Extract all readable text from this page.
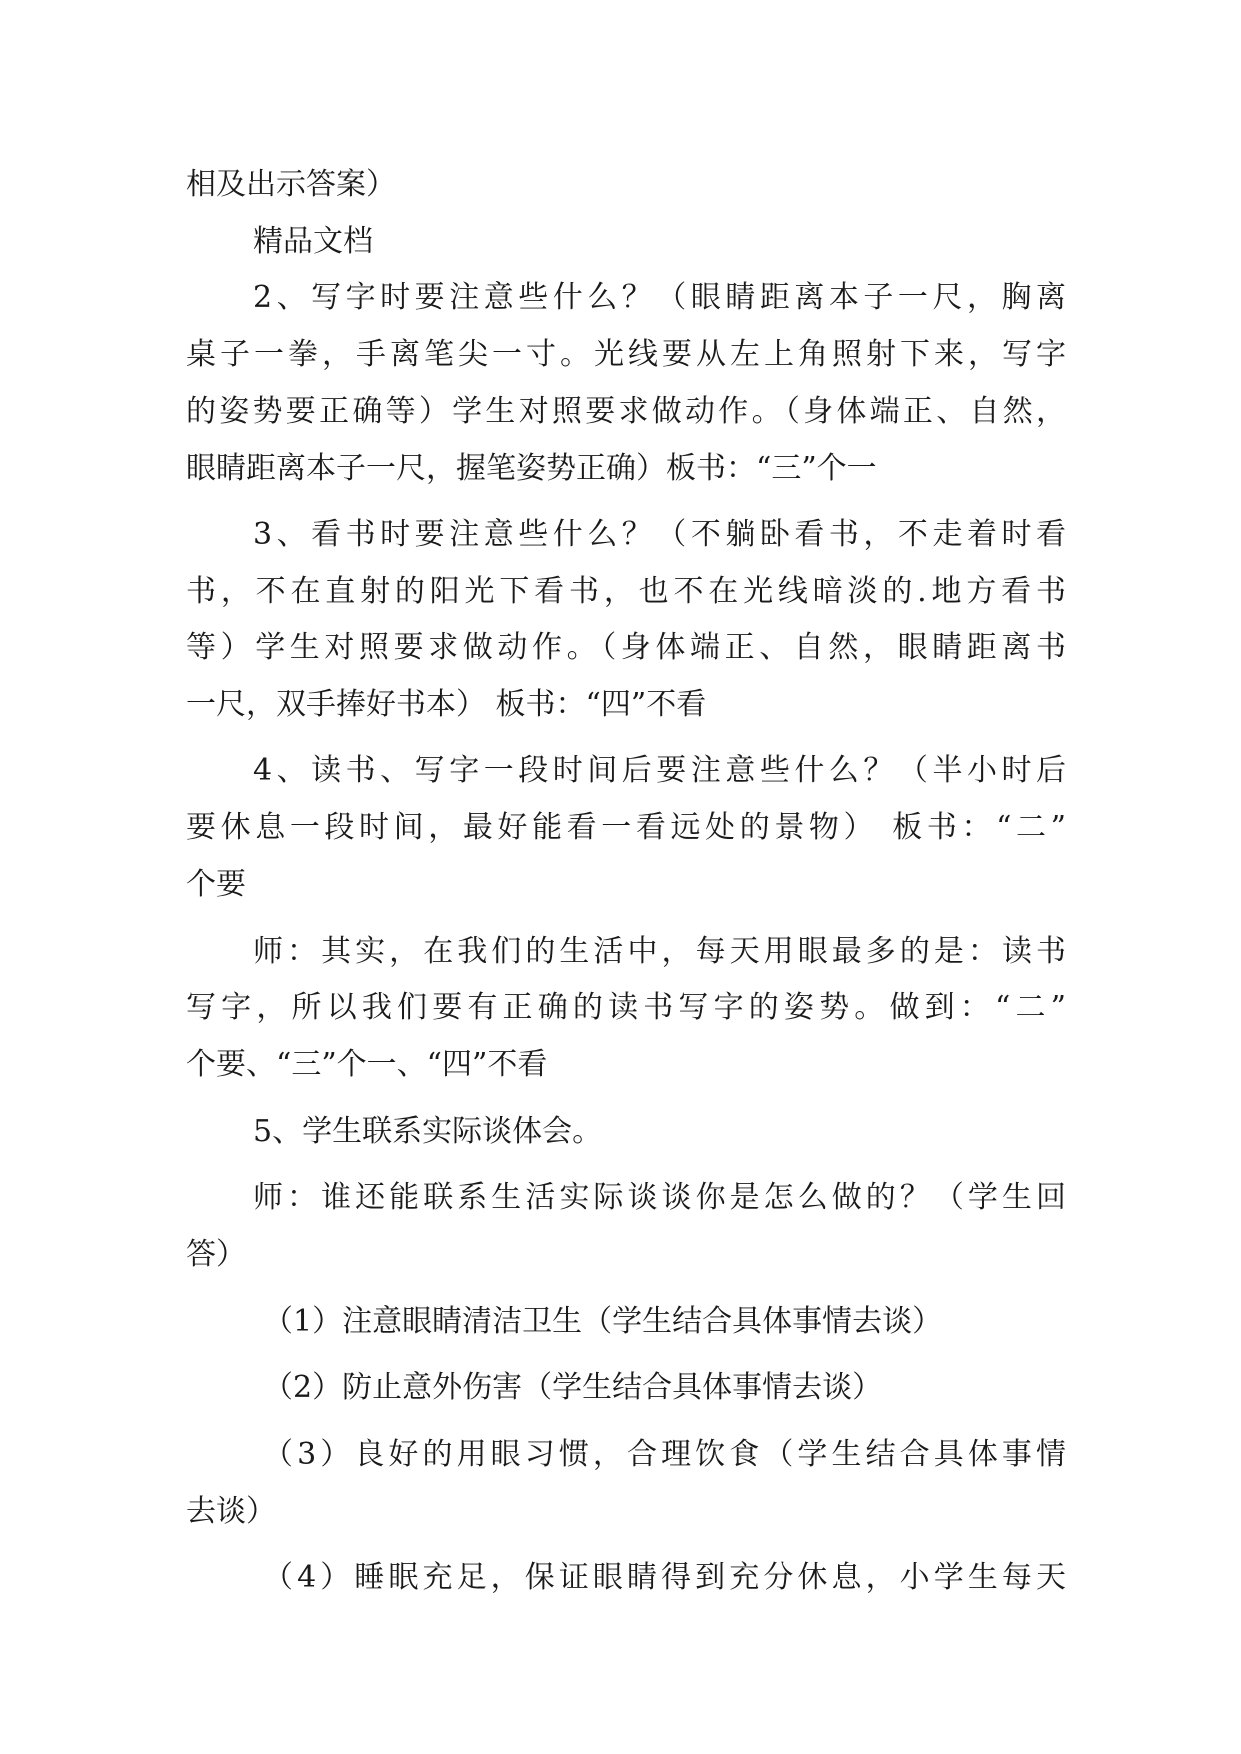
相及出示答案）
精品文档
2、写字时要注意些什么？（眼睛距离本子一尺，胸离
桌子一拳，手离笔尖一寸。光线要从左上角照射下来，写字
的姿势要正确等）学生对照要求做动作。（身体端正、自然，
眼睛距离本子一尺，握笔姿势正确）板书：“三”个一
3、看书时要注意些什么？（不躺卧看书，不走着时看
书，不在直射的阳光下看书，也不在光线暗淡的.地方看书
等）学生对照要求做动作。（身体端正、自然，眼睛距离书
一尺，双手捧好书本） 板书：“四”不看
4、读书、写字一段时间后要注意些什么？（半小时后
要休息一段时间，最好能看一看远处的景物） 板书：“二”
个要
师：其实，在我们的生活中，每天用眼最多的是：读书
写字，所以我们要有正确的读书写字的姿势。做到：“二”
个要、“三”个一、“四”不看
5、学生联系实际谈体会。
师：谁还能联系生活实际谈谈你是怎么做的？（学生回
答）
（1）注意眼睛清洁卫生（学生结合具体事情去谈）
（2）防止意外伤害（学生结合具体事情去谈）
（3）良好的用眼习惯，合理饮食（学生结合具体事情
去谈）
（4）睡眠充足，保证眼睛得到充分休息，小学生每天
